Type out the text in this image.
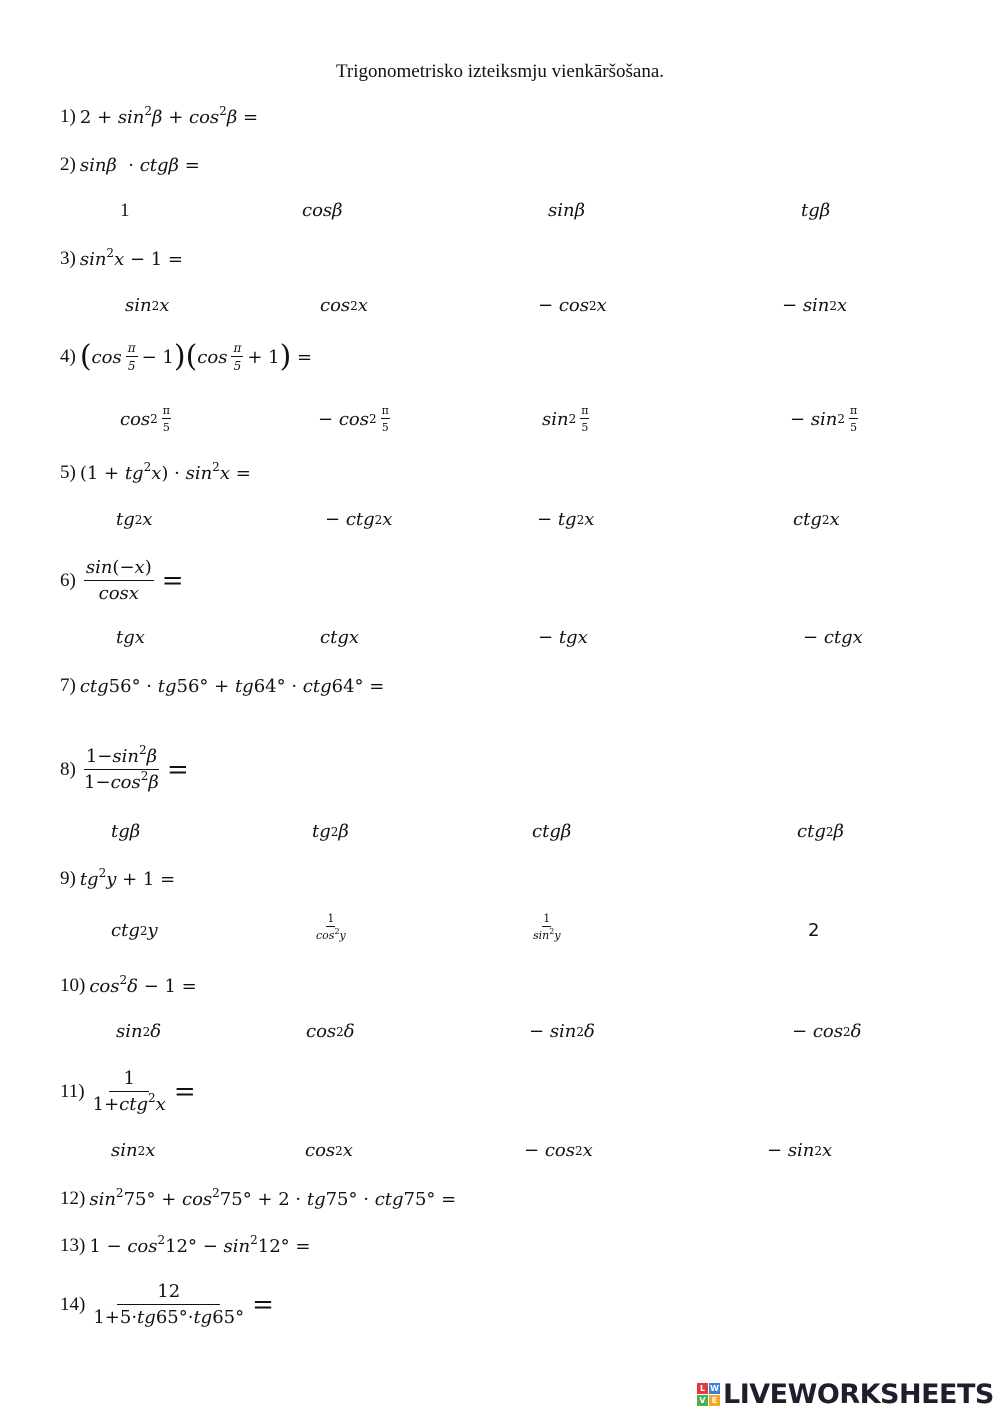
Trigonometrisko izteiksmju vienkāršošana.
1) $2 + \sin^2\beta + \cos^2\beta$ =
2) sinβ  · ctgβ =
1	cosβ	sinβ	tgβ
3) $\sin^2x - 1$ =
sin 2 x	cos 2 x	− cos 2 x	− sin 2 x
4) ( $\cos \frac{\pi}{5} - 1$ ) ( $\cos \frac{\pi}{5} + 1$ ) =
$\cos 2 \frac{\pi}{5}$	− $\cos 2 \frac{\pi}{5}$	$\sin 2 \frac{\pi}{5}$	− $\sin 2 \frac{\pi}{5}$
5) $(1 + tg^2x) \cdot \sin^2x$ =
tg 2 x	− ctg 2 x	− tg 2 x	ctg 2 x
$6) \frac{\sin(-x)}{\cos x}$ =
tgx	ctgx	− tgx	− ctgx
7) ctg56° · tg56° + tg64° · ctg64° =
$8) \frac{1-\sin^2\beta}{1-\cos^2\beta}$ =
tgβ	tg 2 β	ctgβ	ctg 2 β
9) $tg^2y + 1$ =
ctg 2 y	$\frac{1}{\cos^2y}$	$\frac{1}{\sin^2y}$	2
10) $\cos^2\delta - 1$ =
sin 2 δ	cos 2 δ	− sin 2 δ	− cos 2 δ
$11) \frac{1}{1+ctg^2x}$ =
sin 2 x	cos 2 x	− cos 2 x	− sin 2 x
12) $\sin^275^\circ + \cos^275^\circ + 2 \cdot tg75^\circ \cdot ctg75^\circ$ =
13) $1 - \cos^212^\circ - \sin^212^\circ$ =
$14) \frac{12}{1+5\cdot tg65^\circ\cdot tg65^\circ}$ =
L W
V E LIVEWORKSHEETS
